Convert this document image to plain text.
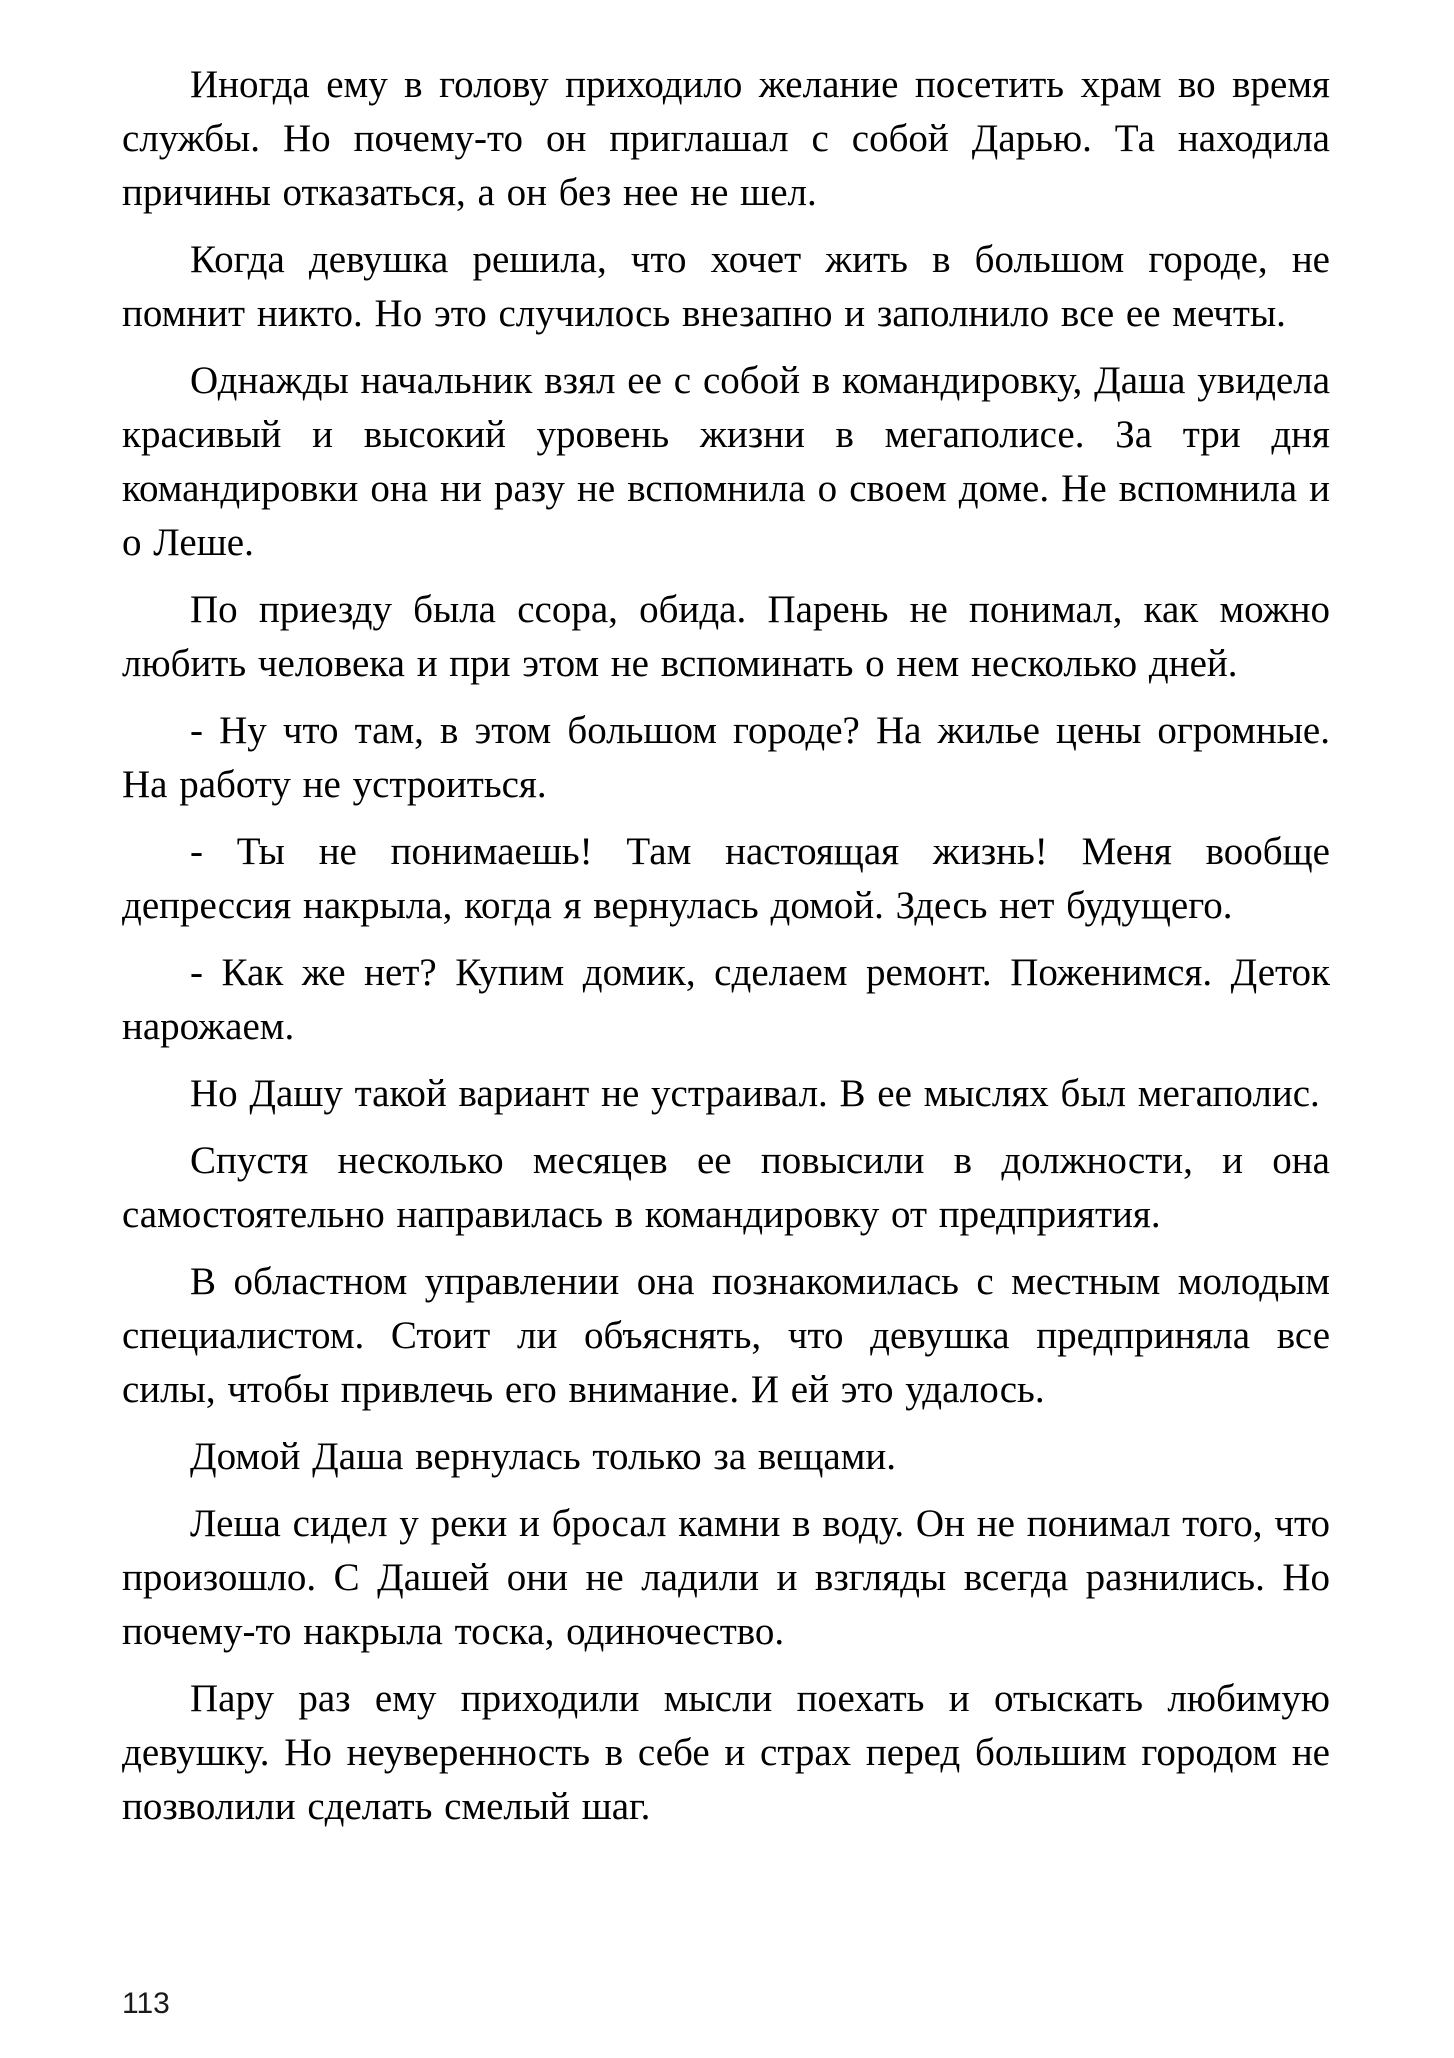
Иногда ему в голову приходило желание посетить храм во время службы. Но почему-то он приглашал с собой Дарью. Та находила причины отказаться, а он без нее не шел.

Когда девушка решила, что хочет жить в большом городе, не помнит никто. Но это случилось внезапно и заполнило все ее мечты.

Однажды начальник взял ее с собой в командировку, Даша увидела красивый и высокий уровень жизни в мегаполисе. За три дня командировки она ни разу не вспомнила о своем доме. Не вспомнила и о Леше.

По приезду была ссора, обида. Парень не понимал, как можно любить человека и при этом не вспоминать о нем несколько дней.

- Ну что там, в этом большом городе? На жилье цены огромные. На работу не устроиться.

- Ты не понимаешь! Там настоящая жизнь! Меня вообще депрессия накрыла, когда я вернулась домой. Здесь нет будущего.

- Как же нет? Купим домик, сделаем ремонт. Поженимся. Деток нарожаем.

Но Дашу такой вариант не устраивал. В ее мыслях был мегаполис.

Спустя несколько месяцев ее повысили в должности, и она самостоятельно направилась в командировку от предприятия.

В областном управлении она познакомилась с местным молодым специалистом. Стоит ли объяснять, что девушка предприняла все силы, чтобы привлечь его внимание. И ей это удалось.

Домой Даша вернулась только за вещами.

Леша сидел у реки и бросал камни в воду. Он не понимал того, что произошло. С Дашей они не ладили и взгляды всегда разнились. Но почему-то накрыла тоска, одиночество.

Пару раз ему приходили мысли поехать и отыскать любимую девушку. Но неуверенность в себе и страх перед большим городом не позволили сделать смелый шаг.

113
